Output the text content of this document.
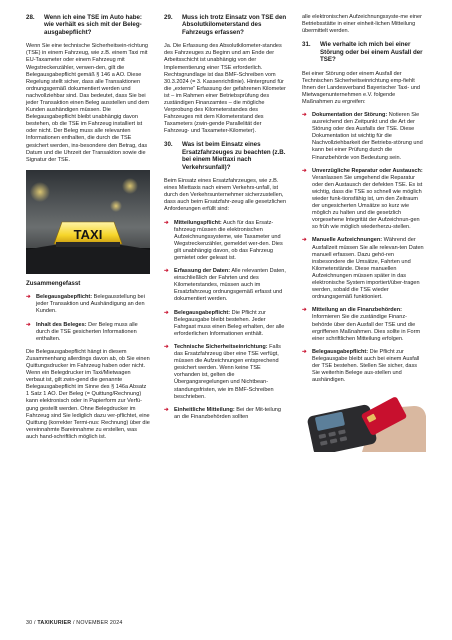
28.	Wenn ich eine TSE im Auto habe: wie verhält es sich mit der Beleg-ausgabepflicht?

Wenn Sie eine technische Sicherheitsein-richtung (TSE) in einem Fahrzeug, wie z.B. einem Taxi mit EU-Taxameter oder einem Fahrzeug mit Wegstreckenzähler, verwen-den, gilt die Belegausgabepflicht gemäß § 146 a AO. Diese Regelung stellt sicher, dass alle Transaktionen ordnungsgemäß dokumentiert werden und nachvollziehbar sind. Das bedeutet, dass Sie bei jeder Transaktion einen Beleg ausstellen und dem Kunden aushändigen müssen. Die Belegausgabepflicht bleibt unabhängig davon bestehen, ob die TSE im Fahrzeug installiert ist oder nicht. Der Beleg muss alle relevanten Informationen enthalten, die durch die TSE gesichert werden, ins-besondere den Betrag, das Datum und die Uhrzeit der Transaktion sowie die Signatur der TSE.

TAXI
Zusammengefasst
➔ Belegausgabepflicht: Belegausstellung bei jeder Transaktion und Aushändigung an den Kunden.
➔ Inhalt des Beleges: Der Beleg muss alle durch die TSE gesicherten Informationen enthalten.

Die Belegausgabepflicht hängt in diesem Zusammenhang allerdings davon ab, ob Sie einen Quittungsdrucker im Fahrzeug haben oder nicht. Wenn ein Belegdrucker im Taxi/Mietwagen verbaut ist, gilt zwin-gend die genannte Belegausgabepflicht im Sinne des § 146a Absatz 1 Satz 1 AO. Der Beleg (= Quittung/Rechnung) kann elektronisch oder in Papierform zur Verfü-gung gestellt werden. Ohne Belegdrucker im Fahrzeug sind Sie lediglich dazu ver-pflichtet, eine Quittung (korrekter Termi-nus: Rechnung) über die vereinnahmte Bareinnahme zu erstellen, was auch hand-schriftlich möglich ist.

29.	Muss ich trotz Einsatz von TSE den Absolutkilometerstand des Fahrzeugs erfassen?

Ja. Die Erfassung des Absolutkilometer-standes des Fahrzeuges zu Beginn und am Ende der Arbeitsschicht ist unabhängig von der Implementierung einer TSE erforderlich. Rechtsgrundlage ist das BMF-Schreiben vom 30.3.2024 (= 3. Kassenrichtlinie). Hintergrund für die „externe“ Erfassung der gefahrenen Kilometer ist – im Rahmen einer Betriebsprüfung des zuständigen Finanzamtes – die mögliche Verprobung des Kilometerstandes des Fahrzeuges mit dem Kilometerstand des Taxameters (zwin-gende Parallelität der Fahrzeug- und Taxameter-Kilometer).

30.	Was ist beim Einsatz eines Ersatzfahrzeuges zu beachten (z.B. bei einem Miettaxi nach Verkehrsunfall)?

Beim Einsatz eines Ersatzfahrzeuges, wie z.B. eines Miettaxis nach einem Verkehrs-unfall, ist durch den Verkehrsunternehmer sicherzustellen, dass auch beim Ersatzfahr-zeug alle gesetzlichen Anforderungen erfüllt sind:

➔ Mitteilungspflicht: Auch für das Ersatz-fahrzeug müssen die elektronischen Aufzeichnungssysteme, wie Taxameter und Wegstreckenzähler, gemeldet wer-den. Dies gilt unabhängig davon, ob das Fahrzeug gemietet oder geleast ist.
➔ Erfassung der Daten: Alle relevanten Daten, einschließlich der Fahrten und des Kilometerstandes, müssen auch im Ersatzfahrzeug ordnungsgemäß erfasst und dokumentiert werden.
➔ Belegausgabepflicht: Die Pflicht zur Belegausgabe bleibt bestehen. Jeder Fahrgast muss einen Beleg erhalten, der alle erforderlichen Informationen enthält.
➔ Technische Sicherheitseinrichtung: Falls das Ersatzfahrzeug über eine TSE verfügt, müssen die Aufzeichnungen entsprechend gesichert werden. Wenn keine TSE vorhanden ist, gelten die Übergangsregelungen und Nichtbean-standungsfristen, wie im BMF-Schreiben beschrieben.
➔ Einheitliche Mitteilung: Bei der Mit-teilung an die Finanzbehörden sollten

alle elektronischen Aufzeichnungssyste-me einer Betriebsstätte in einer einheit-lichen Mitteilung übermittelt werden.

31.	Wie verhalte ich mich bei einer Störung oder bei einem Ausfall der TSE?

Bei einer Störung oder einem Ausfall der Technischen Sicherheitseinrichtung emp-fiehlt Ihnen der Landesverband Bayerischer Taxi- und Mietwagenunternehmen e.V. folgende Maßnahmen zu ergreifen:

➔ Dokumentation der Störung: Notieren Sie ausreichend den Zeitpunkt und die Art der Störung oder des Ausfalls der TSE. Diese Dokumentation ist wichtig für die Nachvollziehbarkeit der Betriebs-störung und kann bei einer Prüfung durch die Finanzbehörde von Bedeutung sein.
➔ Unverzügliche Reparatur oder Austausch: Veranlassen Sie umgehend die Reparatur oder den Austausch der defekten TSE. Es ist wichtig, dass die TSE so schnell wie möglich wieder funk-tionsfähig ist, um den Zeitraum der ungesicherten Umsätze so kurz wie möglich zu halten und die gesetzlich vorgesehene Integrität der Aufzeichnun-gen so früh wie möglich wiederherzu-stellen.
➔ Manuelle Aufzeichnungen: Während der Ausfallzeit müssen Sie alle relevan-ten Daten manuell erfassen. Dazu gehö-ren insbesondere die Umsätze, Fahrten und Kilometerstände. Diese manuellen Aufzeichnungen müssen später in das elektronische System importiert/über-tragen werden, sobald die TSE wieder ordnungsgemäß funktioniert.
➔ Mitteilung an die Finanzbehörden: Informieren Sie die zuständige Finanz-behörde über den Ausfall der TSE und die ergriffenen Maßnahmen. Dies sollte in Form einer schriftlichen Mitteilung erfolgen.
➔ Belegausgabepflicht: Die Pflicht zur Belegausgabe bleibt auch bei einem Ausfall der TSE bestehen. Stellen Sie sicher, dass Sie weiterhin Belege aus-stellen und aushändigen.
30 / TAXIKURIER / NOVEMBER 2024
